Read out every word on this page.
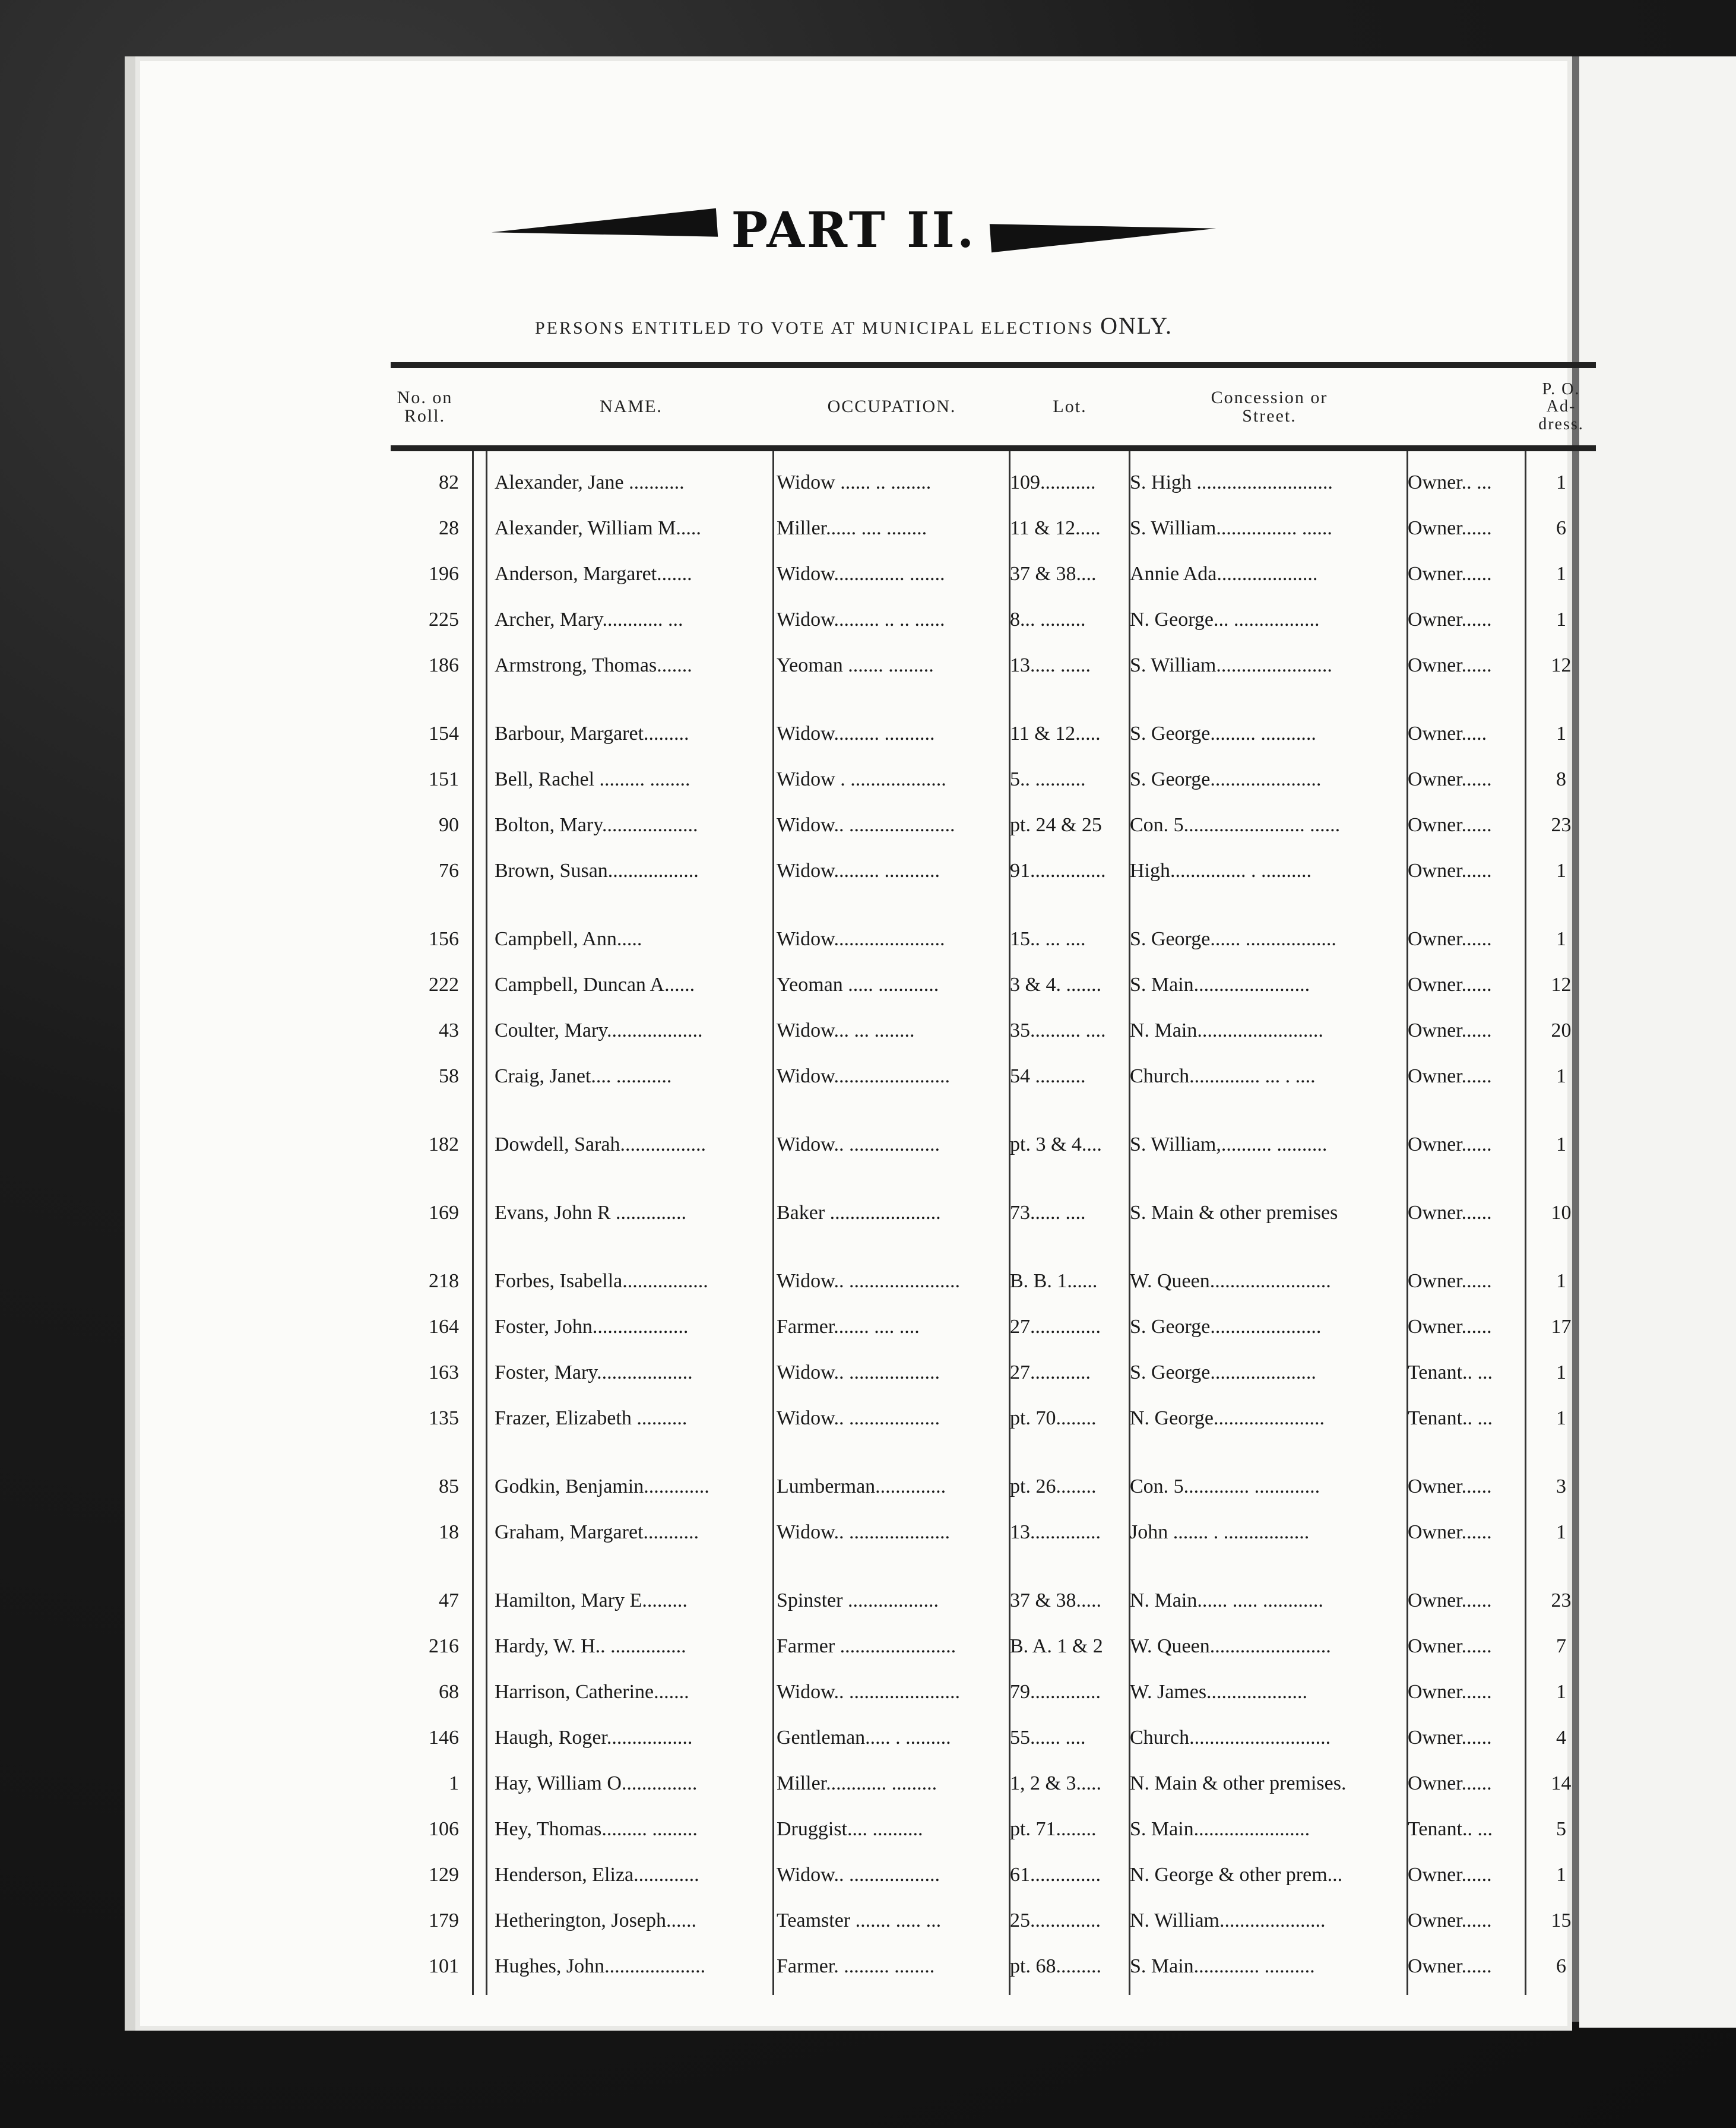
PART II.
PERSONS ENTITLED TO VOTE AT MUNICIPAL ELECTIONS ONLY.
No. on Roll.	NAME.	OCCUPATION.	Lot.	Concession or Street.
P. O. Ad- dress.
82 Alexander, Jane ...........	Widow ...... .. ........	109...........	S. High ...........................	Owner.. ...	1
28 Alexander, William M.....	Miller...... .... ........	11 & 12.....	S. William................ ......	Owner......	6
196 Anderson, Margaret.......	Widow.............. .......	37 & 38....	Annie Ada....................	Owner......	1
225 Archer, Mary............ ...	Widow......... .. .. ......	8... .........	N. George... .................	Owner......	1
186 Armstrong, Thomas.......	Yeoman ....... .........	13..... ......	S. William.......................	Owner......	12
154 Barbour, Margaret.........	Widow......... ..........	11 & 12.....	S. George......... ...........	Owner.....	1
151 Bell, Rachel ......... ........	Widow . ...................	5.. ..........	S. George......................	Owner......	8
90 Bolton, Mary...................	Widow.. .....................	pt. 24 & 25	Con. 5........................ ......	Owner......	23
76 Brown, Susan..................	Widow......... ...........	91...............	High............... . ..........	Owner......	1
156 Campbell, Ann.....	Widow......................	15.. ... ....	S. George...... ..................	Owner......	1
222 Campbell, Duncan A......	Yeoman ..... ............	3 & 4. .......	S. Main.......................	Owner......	12
43 Coulter, Mary...................	Widow... ... ........	35.......... ....	N. Main.........................	Owner......	20
58 Craig, Janet.... ...........	Widow.......................	54 ..........	Church.............. ... . ....	Owner......	1
182 Dowdell, Sarah.................	Widow.. ..................	pt. 3 & 4....	S. William,.......... ..........	Owner......	1
169 Evans, John R ..............	Baker ......................	73...... ....	S. Main & other premises	Owner......	10
218 Forbes, Isabella.................	Widow.. ......................	B. B. 1......	W. Queen........................	Owner......	1
164 Foster, John...................	Farmer....... .... ....	27..............	S. George......................	Owner......	17
163 Foster, Mary...................	Widow.. ..................	27............	S. George.....................	Tenant.. ...	1
135 Frazer, Elizabeth ..........	Widow.. ..................	pt. 70........	N. George......................	Tenant.. ...	1
85 Godkin, Benjamin.............	Lumberman..............	pt. 26........	Con. 5............. .............	Owner......	3
18 Graham, Margaret...........	Widow.. ....................	13..............	John ....... . .................	Owner......	1
47 Hamilton, Mary E.........	Spinster ..................	37 & 38.....	N. Main...... ..... ............	Owner......	23
216 Hardy, W. H.. ...............	Farmer .......................	B. A. 1 & 2	W. Queen........................	Owner......	7
68 Harrison, Catherine.......	Widow.. ......................	79..............	W. James....................	Owner......	1
146 Haugh, Roger.................	Gentleman..... . .........	55...... ....	Church............................	Owner......	4
1 Hay, William O...............	Miller............ .........	1, 2 & 3.....	N. Main & other premises.	Owner......	14
106 Hey, Thomas......... .........	Druggist.... ..........	pt. 71........	S. Main.......................	Tenant.. ...	5
129 Henderson, Eliza.............	Widow.. ..................	61..............	N. George & other prem...	Owner......	1
179 Hetherington, Joseph......	Teamster ....... ..... ...	25..............	N. William.....................	Owner......	15
101 Hughes, John....................	Farmer. ......... ........	pt. 68.........	S. Main............. ..........	Owner......	6
